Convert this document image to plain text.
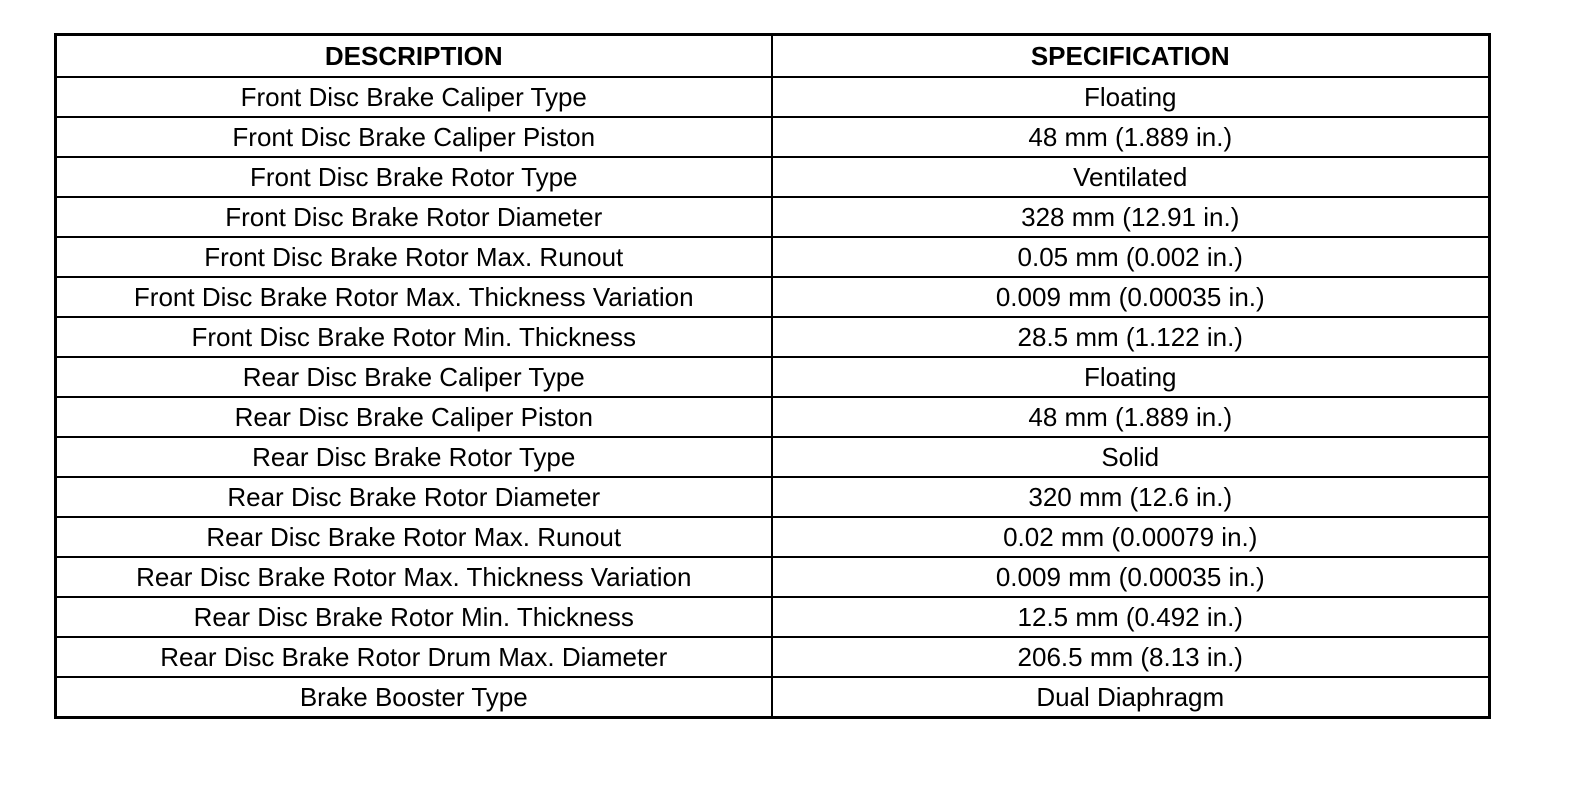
DESCRIPTION	SPECIFICATION
Front Disc Brake Caliper Type	Floating
Front Disc Brake Caliper Piston	48 mm (1.889 in.)
Front Disc Brake Rotor Type	Ventilated
Front Disc Brake Rotor Diameter	328 mm (12.91 in.)
Front Disc Brake Rotor Max. Runout	0.05 mm (0.002 in.)
Front Disc Brake Rotor Max. Thickness Variation	0.009 mm (0.00035 in.)
Front Disc Brake Rotor Min. Thickness	28.5 mm (1.122 in.)
Rear Disc Brake Caliper Type	Floating
Rear Disc Brake Caliper Piston	48 mm (1.889 in.)
Rear Disc Brake Rotor Type	Solid
Rear Disc Brake Rotor Diameter	320 mm (12.6 in.)
Rear Disc Brake Rotor Max. Runout	0.02 mm (0.00079 in.)
Rear Disc Brake Rotor Max. Thickness Variation	0.009 mm (0.00035 in.)
Rear Disc Brake Rotor Min. Thickness	12.5 mm (0.492 in.)
Rear Disc Brake Rotor Drum Max. Diameter	206.5 mm (8.13 in.)
Brake Booster Type	Dual Diaphragm
